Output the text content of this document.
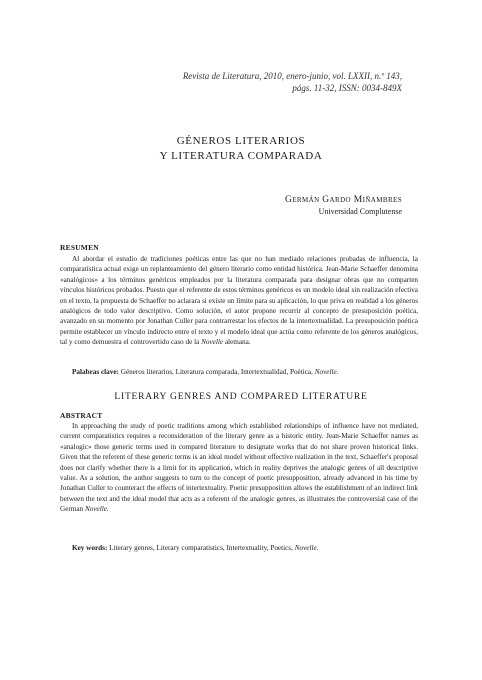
Revista de Literatura, 2010, enero-junio, vol. LXXII, n.º 143,
págs. 11-32, ISSN: 0034-849X
GÉNEROS LITERARIOS
Y LITERATURA COMPARADA
Germán Gardo Miñambres
Universidad Complutense
RESUMEN
Al abordar el estudio de tradiciones poéticas entre las que no han mediado relaciones probadas de influencia, la comparatística actual exige un replanteamiento del género literario como entidad histórica. Jean-Marie Schaeffer denomina «analógicos» a los términos genéricos empleados por la literatura comparada para designar obras que no comparten vínculos históricos probados. Puesto que el referente de estos términos genéricos es un modelo ideal sin realización efectiva en el texto, la propuesta de Schaeffer no aclarara si existe un límite para su aplicación, lo que priva en realidad a los géneros analógicos de todo valor descriptivo. Como solución, el autor propone recurrir al concepto de presuposición poética, avanzado en su momento por Jonathan Culler para contrarrestar los efectos de la intertextualidad. La presuposición poética permite establecer un vínculo indirecto entre el texto y el modelo ideal que actúa como referente de los géneros analógicos, tal y como demuestra el controvertido caso de la Novelle alemana.
Palabras clave: Géneros literarios, Literatura comparada, Intertextualidad, Poética, Novelle.
LITERARY GENRES AND COMPARED LITERATURE
ABSTRACT
In approaching the study of poetic traditions among which established relationships of influence have not mediated, current comparatistics requires a reconsideration of the literary genre as a historic entity. Jean-Marie Schaeffer names as «analogic» those generic terms used in compared literature to designate works that do not share proven historical links. Given that the referent of these generic terms is an ideal model without effective realization in the text, Schaeffer's proposal does not clarify whether there is a limit for its application, which in reality deprives the analogic genres of all descriptive value. As a solution, the author suggests to turn to the concept of poetic presupposition, already advanced in his time by Jonathan Culler to counteract the effects of intertextuality. Poetic presupposition allows the establishment of an indirect link between the text and the ideal model that acts as a referent of the analogic genres, as illustrates the controversial case of the German Novelle.
Key words: Literary genres, Literary comparatistics, Intertextuality, Poetics, Novelle.
